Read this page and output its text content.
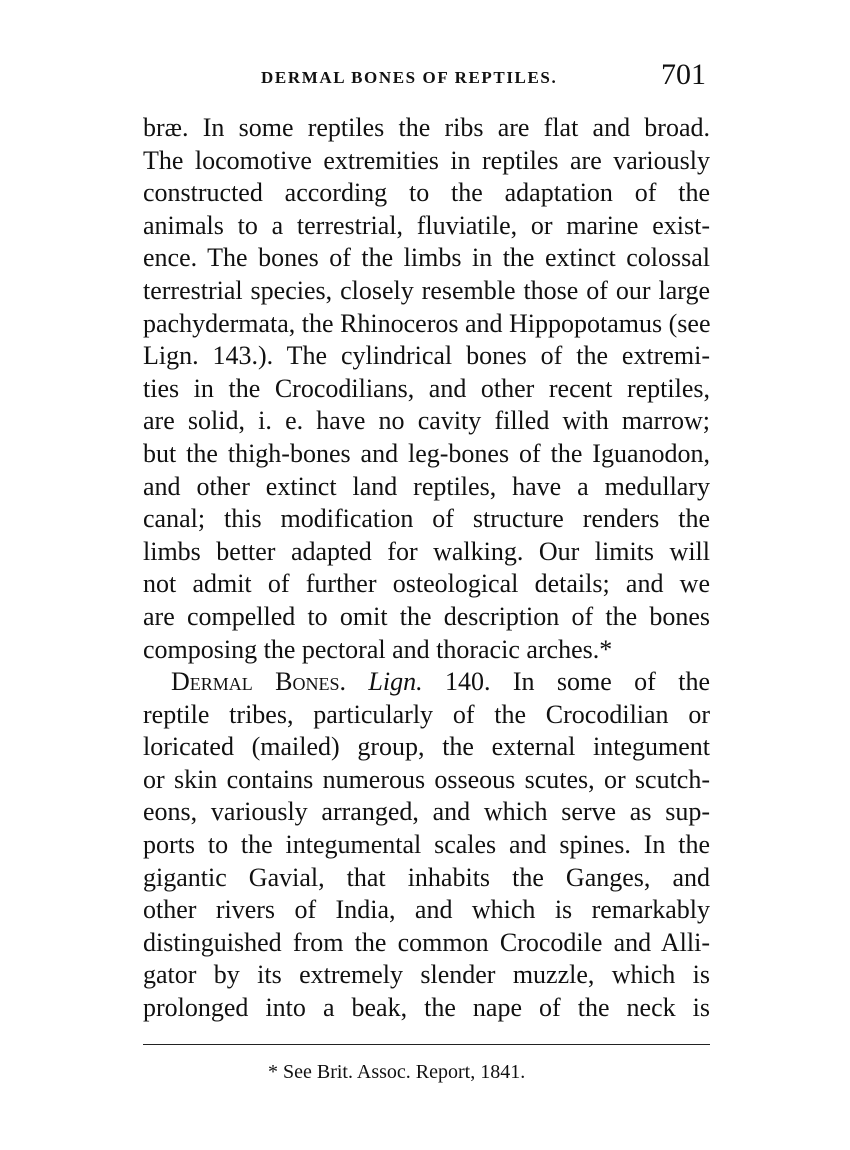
DERMAL BONES OF REPTILES.	701
bræ. In some reptiles the ribs are flat and broad.
The locomotive extremities in reptiles are variously
constructed according to the adaptation of the
animals to a terrestrial, fluviatile, or marine exist-
ence. The bones of the limbs in the extinct colossal
terrestrial species, closely resemble those of our large
pachydermata, the Rhinoceros and Hippopotamus (see
Lign. 143.). The cylindrical bones of the extremi-
ties in the Crocodilians, and other recent reptiles,
are solid, i. e. have no cavity filled with marrow;
but the thigh-bones and leg-bones of the Iguanodon,
and other extinct land reptiles, have a medullary
canal; this modification of structure renders the
limbs better adapted for walking. Our limits will
not admit of further osteological details; and we
are compelled to omit the description of the bones
composing the pectoral and thoracic arches.*
Dermal Bones. Lign. 140. In some of the
reptile tribes, particularly of the Crocodilian or
loricated (mailed) group, the external integument
or skin contains numerous osseous scutes, or scutch-
eons, variously arranged, and which serve as sup-
ports to the integumental scales and spines. In the
gigantic Gavial, that inhabits the Ganges, and
other rivers of India, and which is remarkably
distinguished from the common Crocodile and Alli-
gator by its extremely slender muzzle, which is
prolonged into a beak, the nape of the neck is
* See Brit. Assoc. Report, 1841.
